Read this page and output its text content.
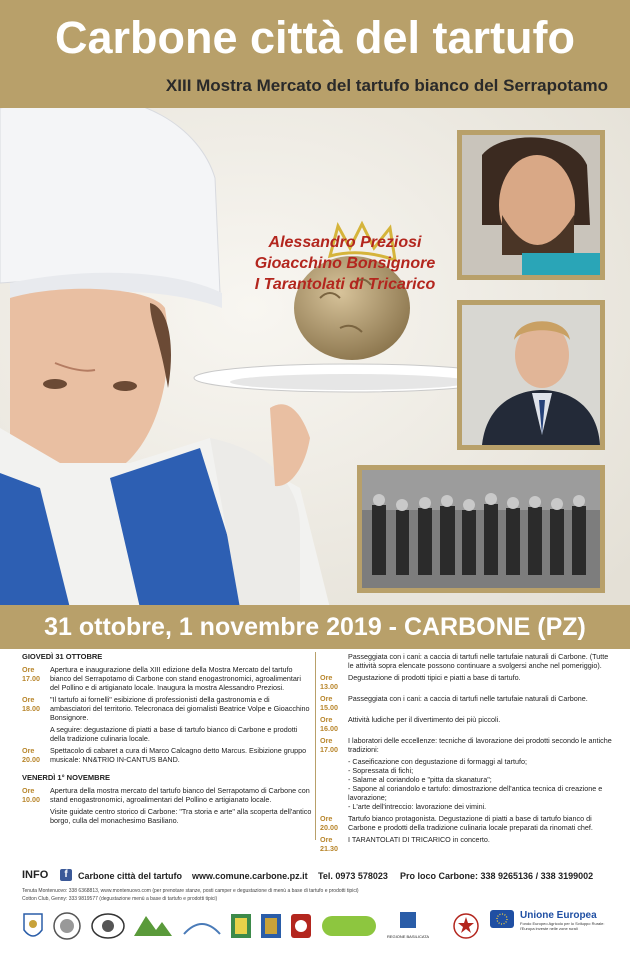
Carbone città del tartufo
XIII Mostra Mercato del tartufo bianco del Serrapotamo
Alessandro Preziosi
Gioacchino Bonsignore
I Tarantolati di Tricarico
31 ottobre, 1 novembre 2019 - CARBONE (PZ)
GIOVEDÌ 31 OTTOBRE
Ore 17.00
Apertura e inaugurazione della XIII edizione della Mostra Mercato del tartufo bianco del Serrapotamo di Carbone con stand enogastronomici, agroalimentari del Pollino e di artigianato locale. Inaugura la mostra Alessandro Preziosi.
Ore 18.00
"Il tartufo ai fornelli" esibizione di professionisti della gastronomia e di ambasciatori del territorio. Telecronaca dei giornalisti Beatrice Volpe e Gioacchino Bonsignore.
A seguire: degustazione di piatti a base di tartufo bianco di Carbone e prodotti della tradizione culinaria locale.
Ore 20.00
Spettacolo di cabaret a cura di Marco Calcagno detto Marcus. Esibizione gruppo musicale: NN&TRIO IN-CANTUS BAND.
VENERDÌ 1° NOVEMBRE
Ore 10.00
Apertura della mostra mercato del tartufo bianco del Serrapotamo di Carbone con stand enogastronomici, agroalimentari del Pollino e artigianato locale.
Visite guidate centro storico di Carbone: "Tra storia e arte" alla scoperta dell'antico borgo, culla del monachesimo Basiliano.
Passeggiata con i cani: a caccia di tartufi nelle tartufaie naturali di Carbone. (Tutte le attività sopra elencate possono continuare a svolgersi anche nel pomeriggio).
Ore 13.00
Degustazione di prodotti tipici e piatti a base di tartufo.
Ore 15.00
Passeggiata con i cani: a caccia di tartufi nelle tartufaie naturali di Carbone.
Ore 16.00
Attività ludiche per il divertimento dei più piccoli.
Ore 17.00
I laboratori delle eccellenze: tecniche di lavorazione dei prodotti secondo le antiche tradizioni:
- Caseificazione con degustazione di formaggi al tartufo;
- Sopressata di fichi;
- Salame al coriandolo e "pitta da skanatura";
- Sapone al coriandolo e tartufo: dimostrazione dell'antica tecnica di creazione e lavorazione;
- L'arte dell'intreccio: lavorazione dei vimini.
Ore 20.00
Tartufo bianco protagonista. Degustazione di piatti a base di tartufo bianco di Carbone e prodotti della tradizione culinaria locale preparati da rinomati chef.
Ore 21.30
I TARANTOLATI DI TRICARICO in concerto.
INFO	f	Carbone città del tartufo www.comune.carbone.pz.it Tel. 0973 578023 Pro loco Carbone: 338 9265136 / 338 3199002
Tenuta Montenuovo: 338 6368813, www.montenuovo.com (per prenotare stanze, posti camper e degustazione di menù a base di tartufo e prodotti tipici)
Cotton Club, Genny: 333 9819577 (degustazione menù a base di tartufo e prodotti tipici)
REGIONE BASILICATA
Unione Europea
Fondo Europeo Agricolo per lo Sviluppo Rurale: l'Europa investe nelle zone rurali
